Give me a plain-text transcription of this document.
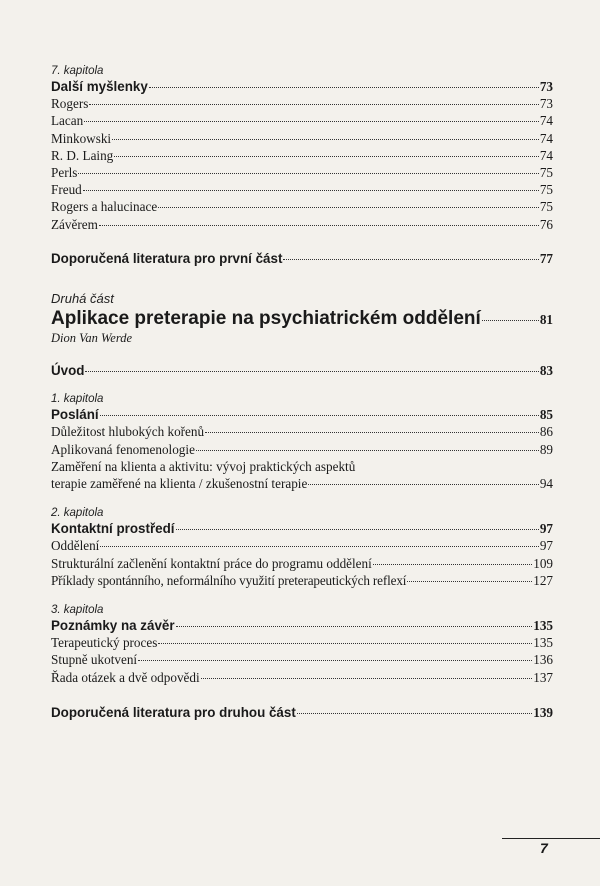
7. kapitola
Další myšlenky	73
Rogers	73
Lacan	74
Minkowski	74
R. D. Laing	74
Perls	75
Freud	75
Rogers a halucinace	75
Závěrem	76
Doporučená literatura pro první část	77
Druhá část
Aplikace preterapie na psychiatrickém oddělení	81
Dion Van Werde
Úvod	83
1. kapitola
Poslání	85
Důležitost hlubokých kořenů	86
Aplikovaná fenomenologie	89
Zaměření na klienta a aktivitu: vývoj praktických aspektů
terapie zaměřené na klienta / zkušenostní terapie	94
2. kapitola
Kontaktní prostředí	97
Oddělení	97
Strukturální začlenění kontaktní práce do programu oddělení	109
Příklady spontánního, neformálního využití preterapeutických reflexí	127
3. kapitola
Poznámky na závěr	135
Terapeutický proces	135
Stupně ukotvení	136
Řada otázek a dvě odpovědi	137
Doporučená literatura pro druhou část	139
7
